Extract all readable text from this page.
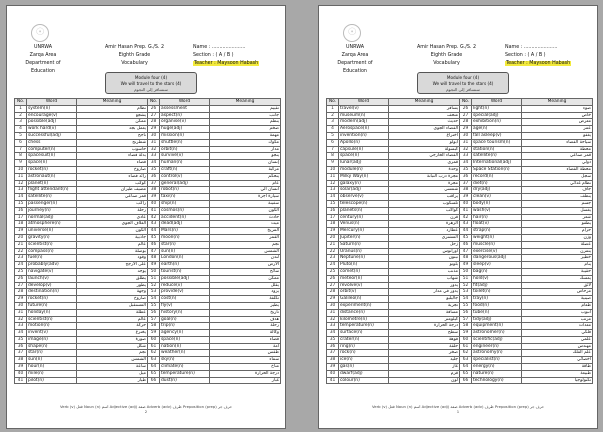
☉
UNRWA
Zarqa Area
Department of Education
Amir Hasan Prep. G./S. 2
Eighth Grade
Vocabulary
Name : ......................
Section : ( A / B )
Teacher : Maysoon Habash
Module four (4)
We will travel to the stars (4)
سنسافر إلى النجوم
No.	Word	Meaning	No.	Word	Meaning
1	system(n)	نظام	26	assessment	تقييم
2	encourage(v)	يشجع	27	aspect(n)	جانب
3	possible(adj)	ممكن	28	organise(v)	ينظم
4	work hard(v)	يعمل بجد	29	huge(adj)	ضخم
5	successful(adj)	ناجح	30	mission(n)	مهمة
6	chess	شطرنج	31	shuttle(n)	مكوك
7	computer(n)	حاسوب	32	orbit(n)	مدار
8	spacesuit(n)	بدلة فضاء	33	survive(v)	ينجو
9	space(n)	فضاء	34	human(n)	إنسان
10	rocket(n)	صاروخ	35	craft(n)	مركبة
11	astronaut(n)	رائد فضاء	36	control(v)	يتحكم
12	planet(n)	كوكب	37	general(adj)	عام
13	flight attendant(n)	مضيف طيران	38	robot(n)	انسان آلي
14	satellite(n)	قمر صناعي	39	taxi(n)	سيارة أجرة
15	passenger(n)	راكب	40	ship(n)	سفينة
16	journey(n)	رحلة	41	cosmos(n)	الكون
17	normal(adj)	عادي	42	accident(n)	حادث
18	atmosphere(n)	الغلاف الجوي	43	dead(adj)	ميت
19	universe(n)	الكون	44	Mars(n)	المريخ
20	gravity(n)	جاذبية	45	moon(n)	القمر
21	scientist(n)	عالم	46	star(n)	نجم
22	compass(n)	بوصلة	47	sun(n)	الشمس
23	fuel(n)	وقود	48	London(n)	لندن
24	probably(adv)	على الأرجح	49	earth(n)	الأرض
25	navigate(v)	يوجه	50	tourist(n)	سائح
26	launch(v)	يطلق	51	possible(adj)	ممكن
27	develop(v)	يطور	52	reduce(v)	يقلل
28	destination(n)	وجهة	53	provide(v)	يزود
29	rocket(n)	صاروخ	54	cost(n)	تكلفة
30	future(n)	المستقبل	55	fly(v)	يطير
31	holiday(n)	عطلة	56	history(n)	تاريخ
32	scientist(n)	عالم	57	goal(n)	هدف
33	motion(n)	حركة	58	trip(n)	رحلة
34	invent(v)	يخترع	59	agency(n)	وكالة
35	image(n)	صورة	60	space(n)	فضاء
36	shape(n)	شكل	61	nation(n)	أمة
37	star(n)	نجم	62	weather(n)	طقس
38	sun(n)	الشمس	63	sky(n)	سماء
39	hour(n)	ساعة	64	climate(n)	مناخ
40	mile(n)	ميل	65	temperature(n)	درجة الحرارة
41	pilot(n)	طيار	66	dust(n)	غبار
Verb (v) فعل Noun (n) اسم Adjective (adj) صفة Adverb (adv) ظرف Preposition (prep) حرف جر
2
☉
UNRWA
Zarqa Area
Department of Education
Amir Hasan Prep. G./S. 2
Eighth Grade
Vocabulary
Name : ......................
Section : ( A / B )
Teacher : Maysoon Habash
Module four (4)
We will travel to the stars (4)
سنسافر إلى النجوم
No.	Word	Meaning	No.	Word	Meaning
1	travel(v)	يسافر	26	light(n)	ضوء
2	museum(n)	متحف	27	special(adj)	خاص
3	modern(adj)	حديث	28	exhibition(n)	معرض
4	Aerospace(n)	الفضاء الجوي	29	age(n)	عمر
5	invention(n)	اختراع	30	fall asleep(v)	يغفو
6	Apollo(n)	أبولو	31	space tourism(n)	سياحة الفضاء
7	capsule(n)	كبسولة	32	station(n)	محطة
8	space(n)	الفضاء الخارجي	33	satellite(n)	قمر صناعي
9	lunar(adj)	قمري	34	International(adj)	دولي
10	module(n)	وحدة	35	Space Station(n)	محطة الفضاء
11	Milky Way(n)	مجرة درب التبانة	36	record(n)	سجل
12	galaxy(n)	مجرة	37	diet(n)	نظام غذائي
13	solar(adj)	شمسي	38	dry(adj)	جاف
14	observe(v)	يراقب	39	clean(v)	ينظف
15	telescope(n)	تلسكوب	40	body(n)	جسم
16	planets(n)	كواكب	41	wash(v)	يغسل
17	century(n)	قرن	42	hair(n)	شعر
18	Venus(n)	الزهرة	43	float(v)	يطفو
19	Mercury(n)	عطارد	44	strap(n)	حزام
20	Jupiter(n)	المشتري	45	weight(n)	وزن
21	Saturn(n)	زحل	46	muscle(n)	عضلة
22	Uranus(n)	أورانوس	47	exercise(v)	يتمرن
23	Neptune(n)	نبتون	48	dangerous(adj)	خطير
24	Pluto(n)	بلوتو	49	sleep(v)	ينام
25	comet(n)	مذنب	50	bag(n)	حقيبة
26	meteor(n)	شهاب	51	hold(v)	يمسك
27	revolve(v)	يدور	52	fit(adj)	لائق
28	orbit(v)	يدور في مدار	53	toilet(n)	مرحاض
29	Galileo(n)	جاليليو	54	tray(n)	صينية
30	experiment(n)	تجربة	55	food(n)	طعام
31	distance(n)	مسافة	56	tube(n)	أنبوب
32	kilometre(n)	كيلومتر	57	tidy(adj)	مرتب
33	temperature(n)	درجة الحرارة	58	equipment(n)	معدات
34	surface(n)	سطح	59	astronomer(n)	فلكي
35	crater(n)	فوهة	60	scientific(adj)	علمي
36	ring(n)	حلقة	61	engineer(n)	مهندس
37	rock(n)	صخر	62	astronomy(n)	علم الفلك
38	ice(n)	جليد	63	specialist(n)	أخصائي
39	gas(n)	غاز	64	energy(n)	طاقة
40	dwarf(adj)	قزم	65	nature(n)	طبيعة
41	colour(n)	لون	66	technology(n)	تكنولوجيا
Verb (v) فعل Noun (n) اسم Adjective (adj) صفة Adverb (adv) ظرف Preposition (prep) حرف جر
1
